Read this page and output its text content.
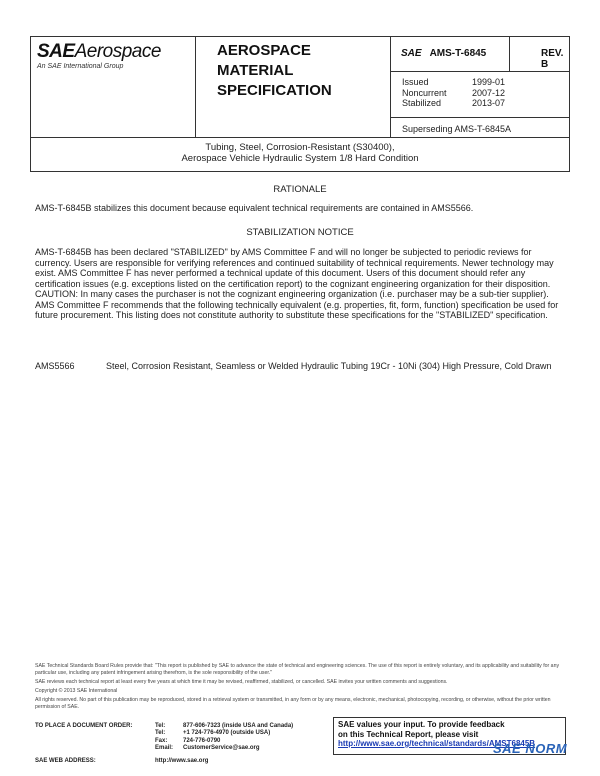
SAEAerospace
An SAE International Group
AEROSPACE
MATERIAL
SPECIFICATION
SAE AMS-T-6845	REV. B
Issued	1999-01
Noncurrent	2007-12
Stabilized	2013-07
Superseding AMS-T-6845A
Tubing, Steel, Corrosion-Resistant (S30400),
Aerospace Vehicle Hydraulic System 1/8 Hard Condition
RATIONALE
AMS-T-6845B stabilizes this document because equivalent technical requirements are contained in AMS5566.
STABILIZATION NOTICE
AMS-T-6845B has been declared "STABILIZED" by AMS Committee F and will no longer be subjected to periodic reviews for currency. Users are responsible for verifying references and continued suitability of technical requirements. Newer technology may exist. AMS Committee F has never performed a technical update of this document. Users of this document should refer any certification issues (e.g. exceptions listed on the certification report) to the cognizant engineering organization for their disposition. CAUTION: In many cases the purchaser is not the cognizant engineering organization (i.e. purchaser may be a sub-tier supplier). AMS Committee F recommends that the following technically equivalent (e.g. properties, fit, form, function) specification be used for future procurement. This listing does not constitute authority to substitute these specifications for the "STABILIZED" specification.
AMS5566	Steel, Corrosion Resistant, Seamless or Welded Hydraulic Tubing 19Cr - 10Ni (304) High Pressure, Cold Drawn

SAE Technical Standards Board Rules provide that: "This report is published by SAE to advance the state of technical and engineering sciences. The use of this report is entirely voluntary, and its applicability and suitability for any particular use, including any patent infringement arising therefrom, is the sole responsibility of the user."

SAE reviews each technical report at least every five years at which time it may be revised, reaffirmed, stabilized, or cancelled. SAE invites your written comments and suggestions.

Copyright © 2013 SAE International

All rights reserved. No part of this publication may be reproduced, stored in a retrieval system or transmitted, in any form or by any means, electronic, mechanical, photocopying, recording, or otherwise, without the prior written permission of SAE.

TO PLACE A DOCUMENT ORDER:	Tel:	877-606-7323 (inside USA and Canada)
Tel:	+1 724-776-4970 (outside USA)
Fax:	724-776-0790
Email: CustomerService@sae.org
SAE WEB ADDRESS:	http://www.sae.org
SAE values your input. To provide feedback
on this Technical Report, please visit
http://www.sae.org/technical/standards/AMST6845B
SAE NORM
